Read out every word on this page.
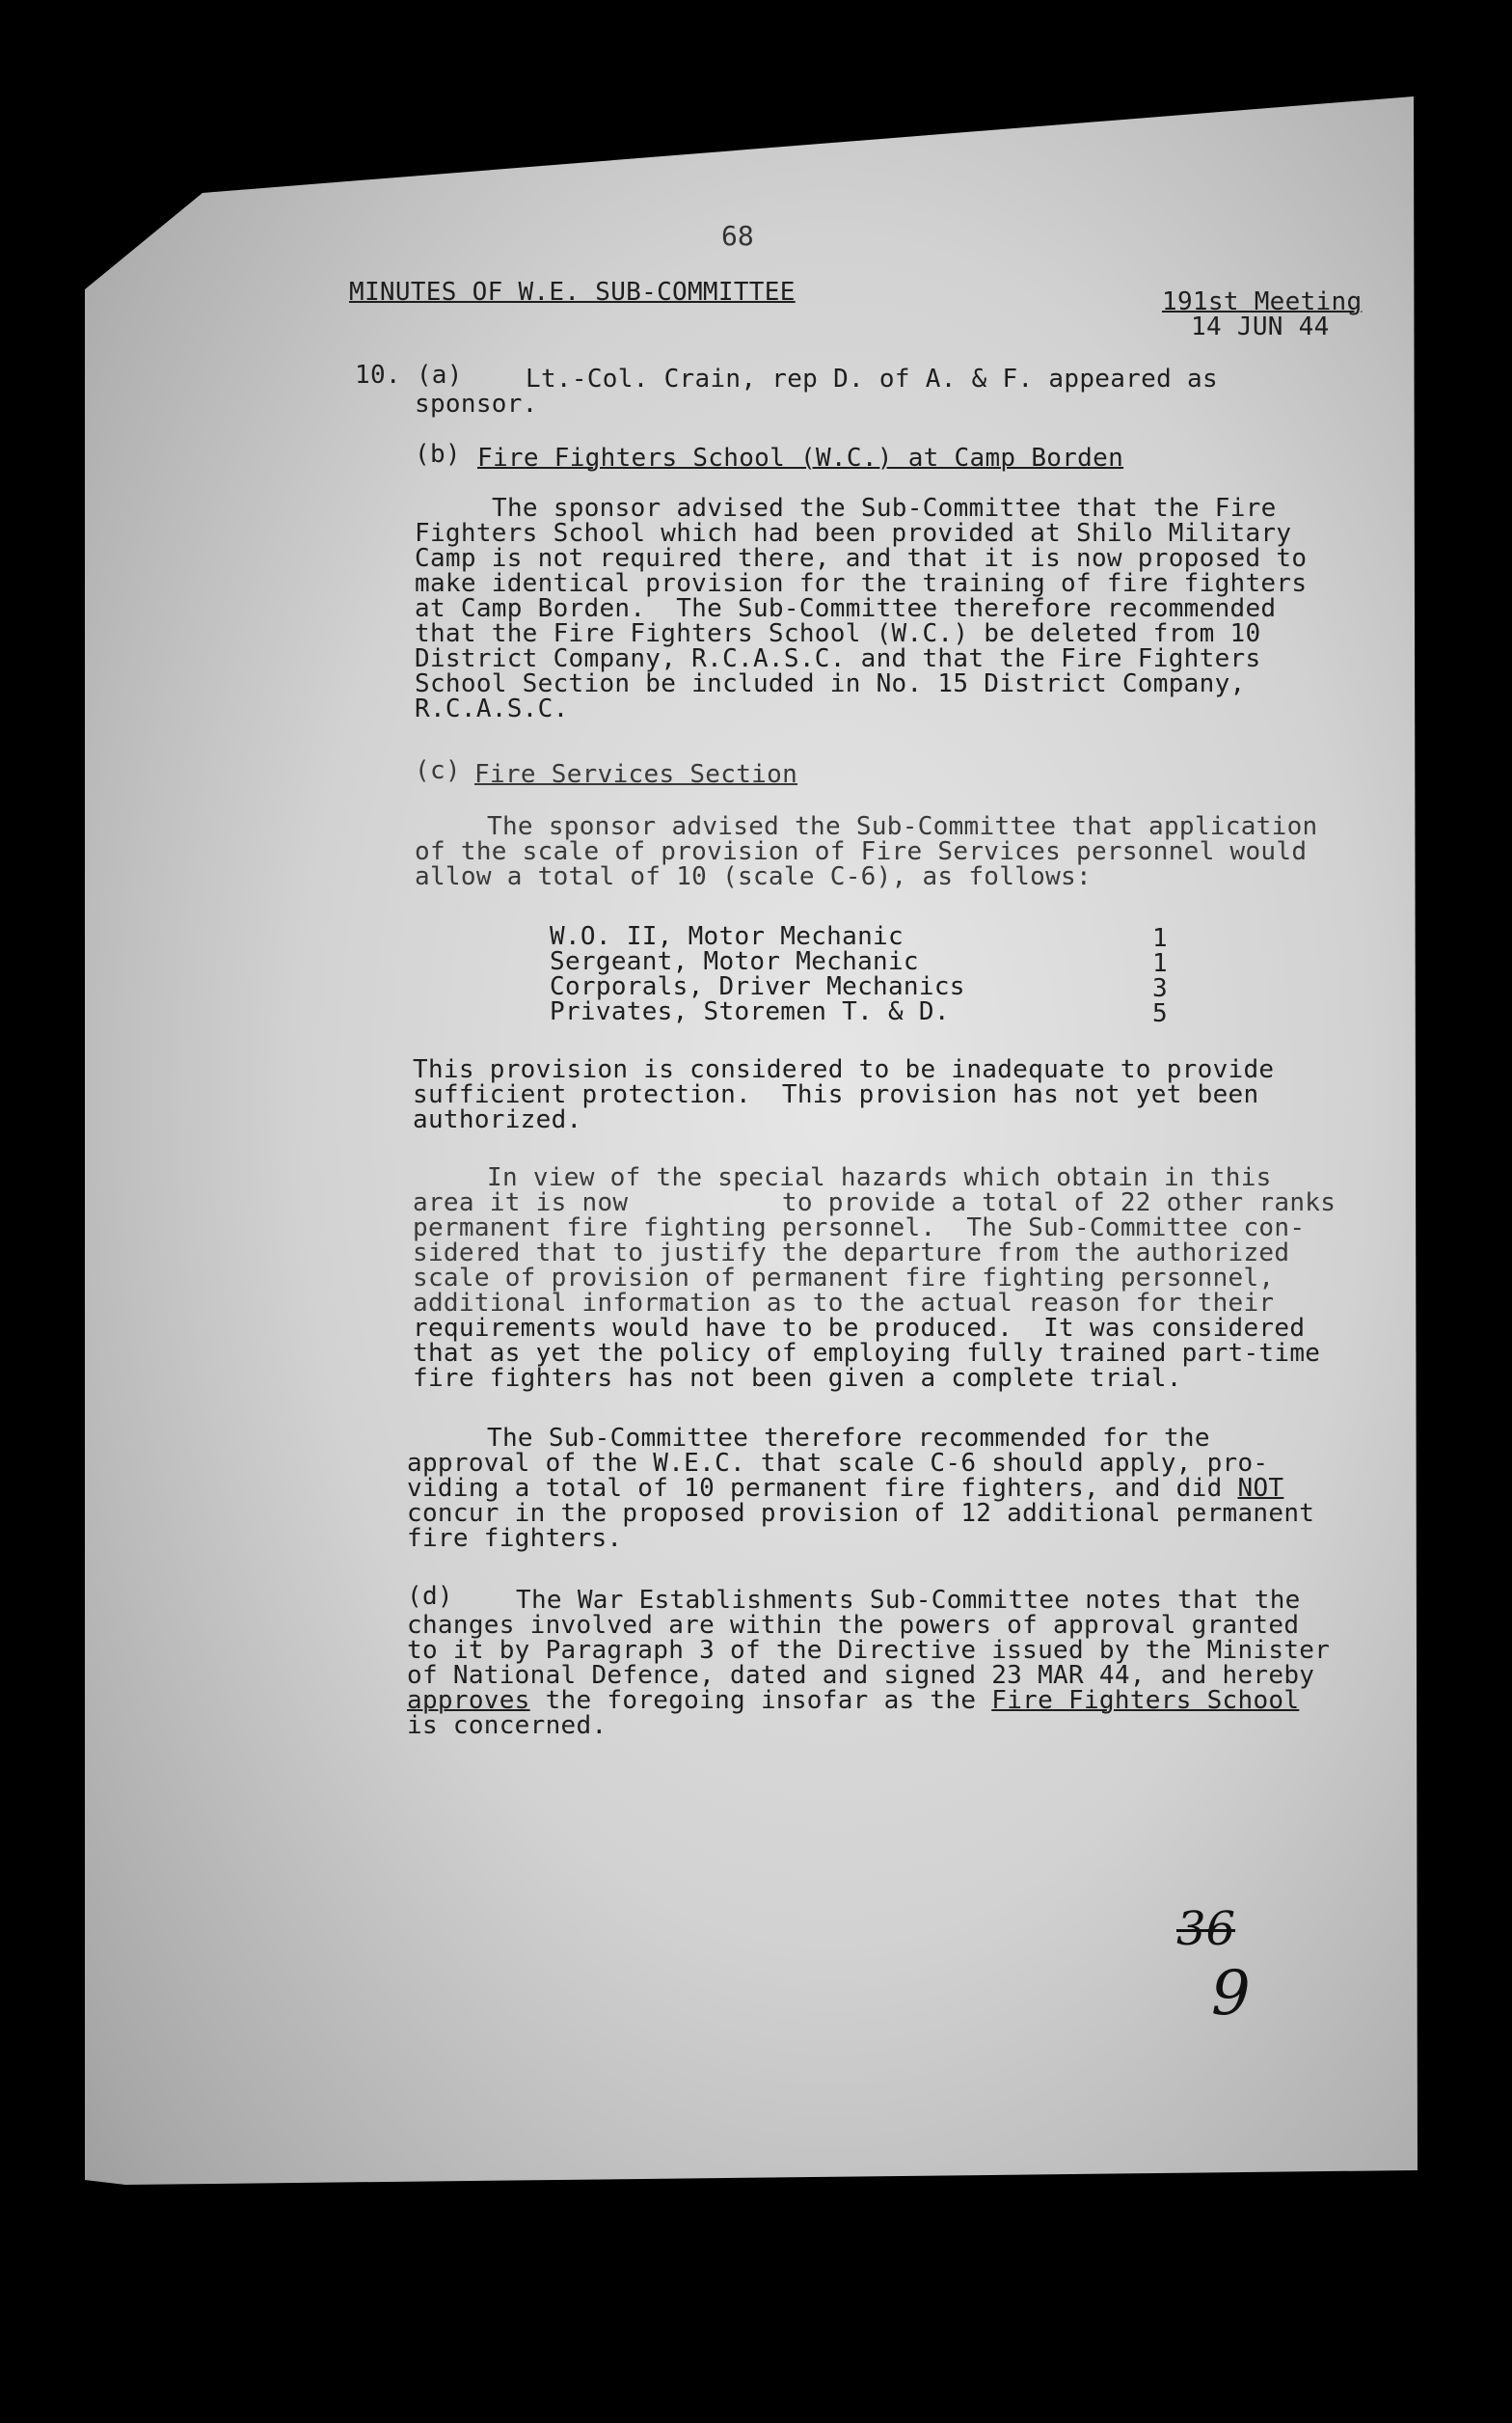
68
MINUTES OF W.E. SUB-COMMITTEE	191st Meeting
14 JUN 44
10. (a)	Lt.-Col. Crain, rep D. of A. & F. appeared as
sponsor.
(b) Fire Fighters School (W.C.) at Camp Borden
The sponsor advised the Sub-Committee that the Fire
Fighters School which had been provided at Shilo Military
Camp is not required there, and that it is now proposed to
make identical provision for the training of fire fighters
at Camp Borden.  The Sub-Committee therefore recommended
that the Fire Fighters School (W.C.) be deleted from 10
District Company, R.C.A.S.C. and that the Fire Fighters
School Section be included in No. 15 District Company,
R.C.A.S.C.
(c) Fire Services Section
The sponsor advised the Sub-Committee that application
of the scale of provision of Fire Services personnel would
allow a total of 10 (scale C-6), as follows:
W.O. II, Motor Mechanic	1
Sergeant, Motor Mechanic	1
Corporals, Driver Mechanics	3
Privates, Storemen T. & D.	5
This provision is considered to be inadequate to provide
sufficient protection.  This provision has not yet been
authorized.
In view of the special hazards which obtain in this
area it is now          to provide a total of 22 other ranks
permanent fire fighting personnel.  The Sub-Committee con-
sidered that to justify the departure from the authorized
scale of provision of permanent fire fighting personnel,
additional information as to the actual reason for their
requirements would have to be produced.  It was considered
that as yet the policy of employing fully trained part-time
fire fighters has not been given a complete trial.
The Sub-Committee therefore recommended for the
approval of the W.E.C. that scale C-6 should apply, pro-
viding a total of 10 permanent fire fighters, and did NOT
concur in the proposed provision of 12 additional permanent
fire fighters.
(d)	The War Establishments Sub-Committee notes that the
changes involved are within the powers of approval granted
to it by Paragraph 3 of the Directive issued by the Minister
of National Defence, dated and signed 23 MAR 44, and hereby
approves the foregoing insofar as the Fire Fighters School
is concerned.
36
9
